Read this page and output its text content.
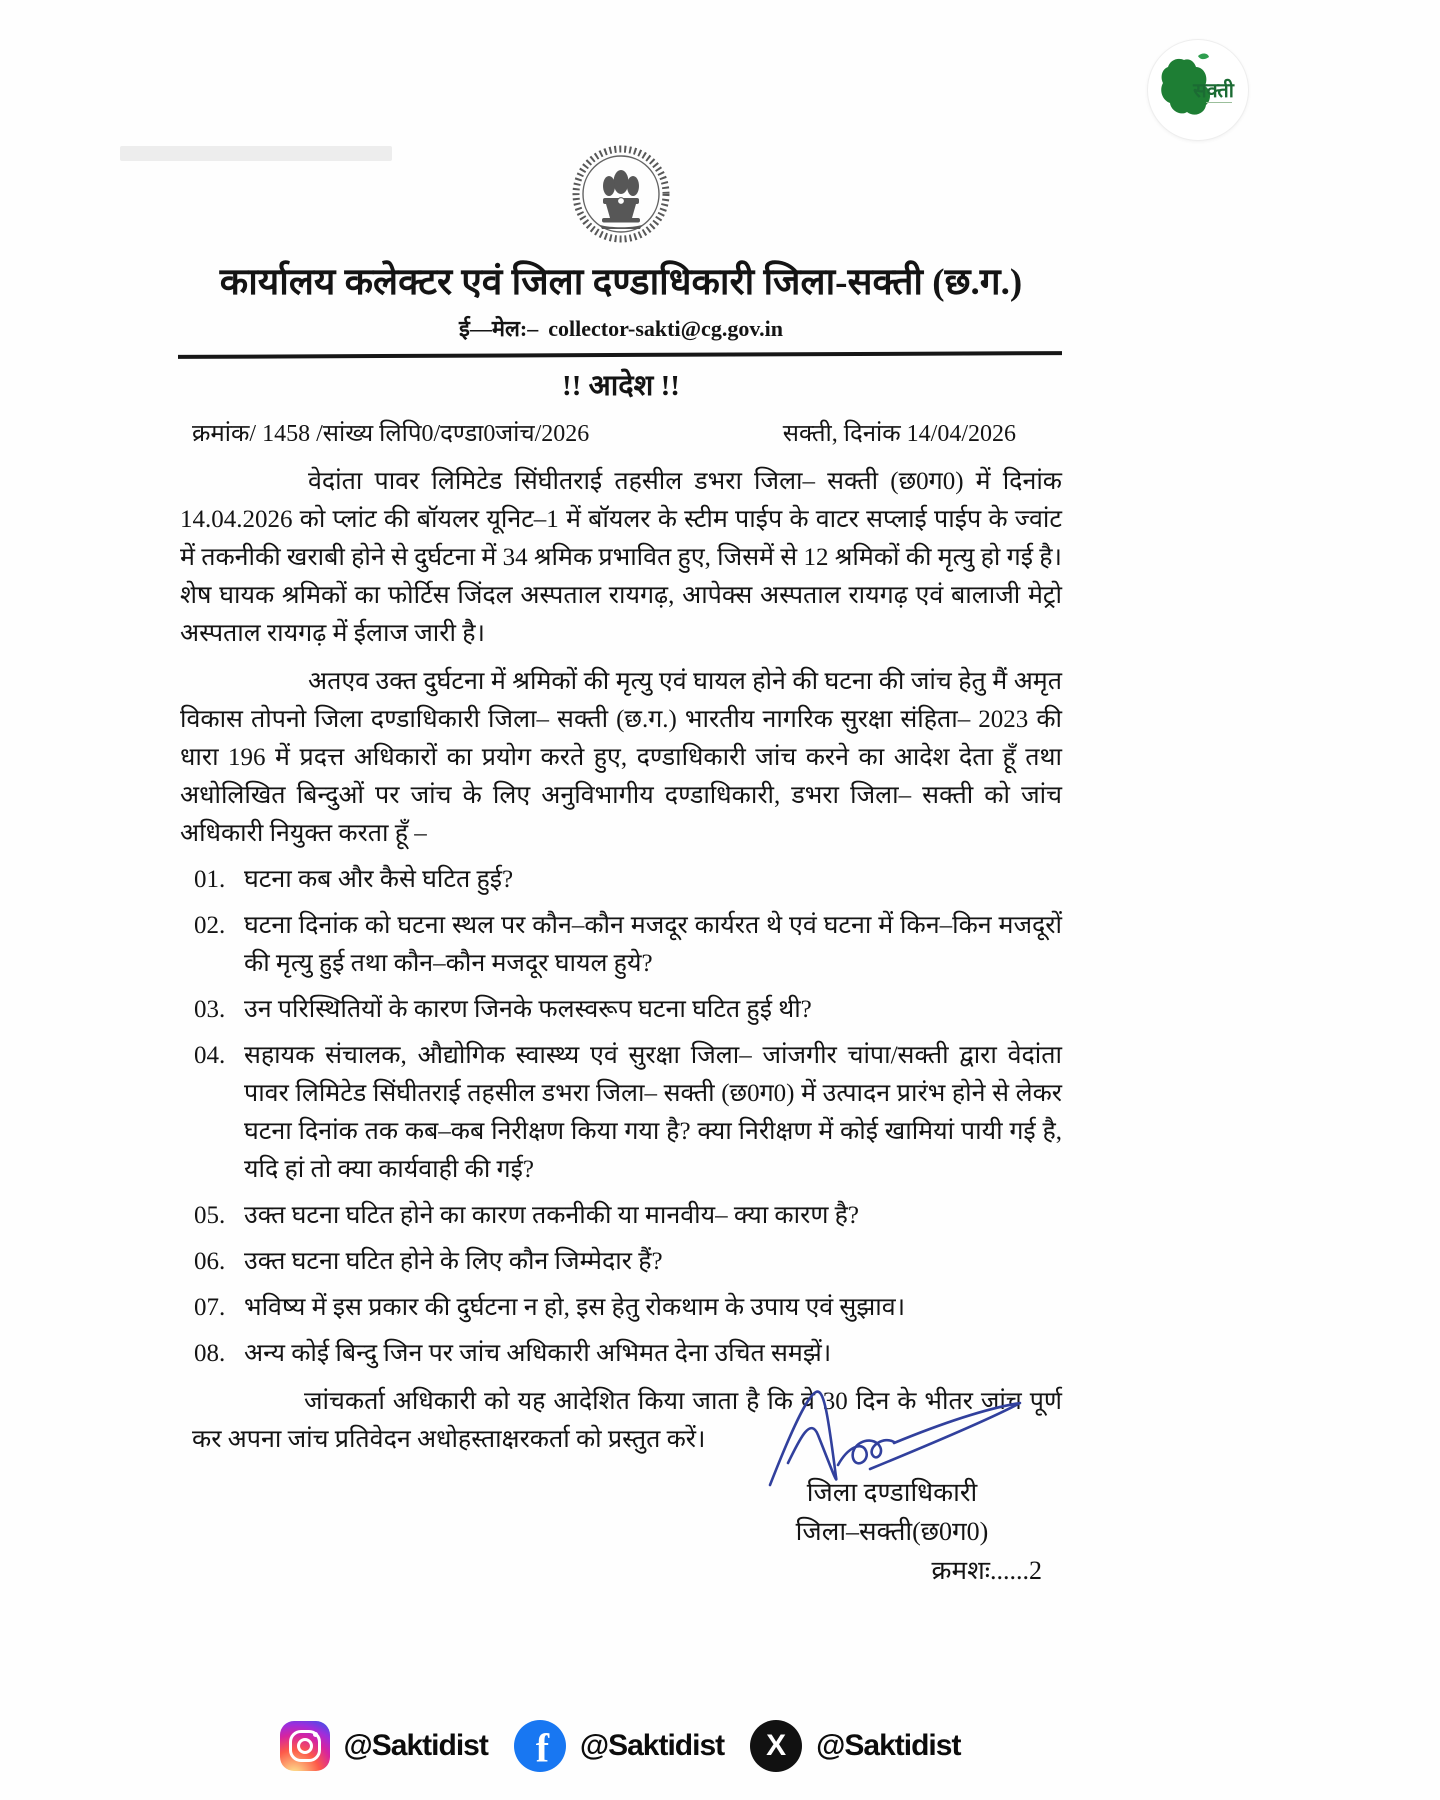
सक्ती
कार्यालय कलेक्टर एवं जिला दण्डाधिकारी जिला-सक्ती (छ.ग.)
ई—मेल:– collector-sakti@cg.gov.in
!! आदेश !!
क्रमांक/ 1458 /सांख्य लिपि0/दण्डा0जांच/2026	सक्ती, दिनांक 14/04/2026

वेदांता पावर लिमिटेड सिंघीतराई तहसील डभरा जिला– सक्ती (छ0ग0) में दिनांक 14.04.2026 को प्लांट की बॉयलर यूनिट–1 में बॉयलर के स्टीम पाईप के वाटर सप्लाई पाईप के ज्वांट में तकनीकी खराबी होने से दुर्घटना में 34 श्रमिक प्रभावित हुए, जिसमें से 12 श्रमिकों की मृत्यु हो गई है। शेष घायक श्रमिकों का फोर्टिस जिंदल अस्पताल रायगढ़, आपेक्स अस्पताल रायगढ़ एवं बालाजी मेट्रो अस्पताल रायगढ़ में ईलाज जारी है।

अतएव उक्त दुर्घटना में श्रमिकों की मृत्यु एवं घायल होने की घटना की जांच हेतु मैं अमृत विकास तोपनो जिला दण्डाधिकारी जिला– सक्ती (छ.ग.) भारतीय नागरिक सुरक्षा संहिता– 2023 की धारा 196 में प्रदत्त अधिकारों का प्रयोग करते हुए, दण्डाधिकारी जांच करने का आदेश देता हूँ तथा अधोलिखित बिन्दुओं पर जांच के लिए अनुविभागीय दण्डाधिकारी, डभरा जिला– सक्ती को जांच अधिकारी नियुक्त करता हूँ –

01. घटना कब और कैसे घटित हुई?
02. घटना दिनांक को घटना स्थल पर कौन–कौन मजदूर कार्यरत थे एवं घटना में किन–किन मजदूरों की मृत्यु हुई तथा कौन–कौन मजदूर घायल हुये?
03. उन परिस्थितियों के कारण जिनके फलस्वरूप घटना घटित हुई थी?
04. सहायक संचालक, औद्योगिक स्वास्थ्य एवं सुरक्षा जिला– जांजगीर चांपा/सक्ती द्वारा वेदांता पावर लिमिटेड सिंघीतराई तहसील डभरा जिला– सक्ती (छ0ग0) में उत्पादन प्रारंभ होने से लेकर घटना दिनांक तक कब–कब निरीक्षण किया गया है? क्या निरीक्षण में कोई खामियां पायी गई है, यदि हां तो क्या कार्यवाही की गई?
05. उक्त घटना घटित होने का कारण तकनीकी या मानवीय– क्या कारण है?
06. उक्त घटना घटित होने के लिए कौन जिम्मेदार हैं?
07. भविष्य में इस प्रकार की दुर्घटना न हो, इस हेतु रोकथाम के उपाय एवं सुझाव।
08. अन्य कोई बिन्दु जिन पर जांच अधिकारी अभिमत देना उचित समझें।

जांचकर्ता अधिकारी को यह आदेशित किया जाता है कि वे 30 दिन के भीतर जांच पूर्ण कर अपना जांच प्रतिवेदन अधोहस्ताक्षरकर्ता को प्रस्तुत करें।

जिला दण्डाधिकारी
जिला–सक्ती(छ0ग0)
क्रमशः......2
@Saktidist f @Saktidist X @Saktidist
